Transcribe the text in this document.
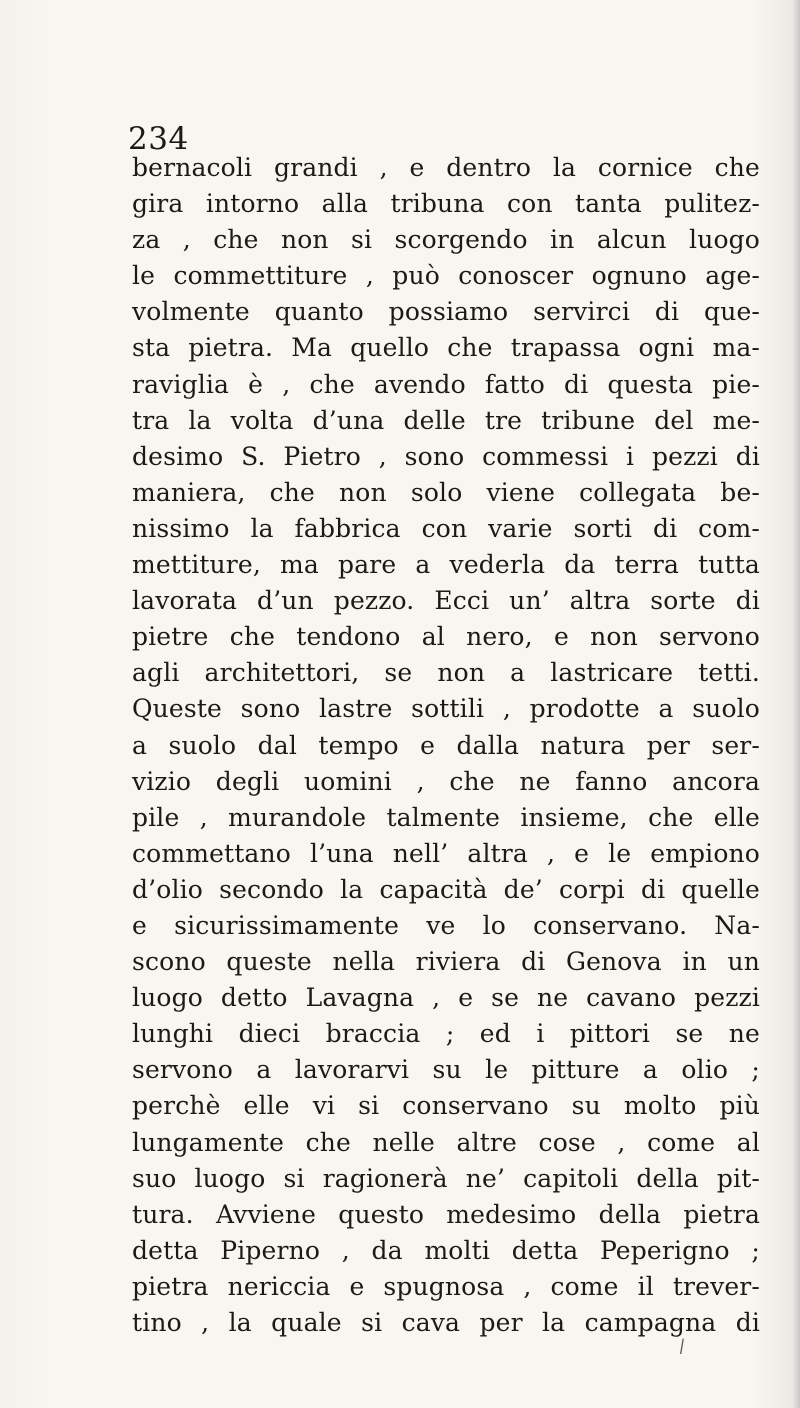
234
bernacoli grandi , e dentro la cornice che
gira intorno alla tribuna con tanta pulitez-
za , che non si scorgendo in alcun luogo
le commettiture , può conoscer ognuno age-
volmente quanto possiamo servirci di que-
sta pietra. Ma quello che trapassa ogni ma-
raviglia è , che avendo fatto di questa pie-
tra la volta d’una delle tre tribune del me-
desimo S. Pietro , sono commessi i pezzi di
maniera, che non solo viene collegata be-
nissimo la fabbrica con varie sorti di com-
mettiture, ma pare a vederla da terra tutta
lavorata d’un pezzo. Ecci un’ altra sorte di
pietre che tendono al nero, e non servono
agli architettori, se non a lastricare tetti.
Queste sono lastre sottili , prodotte a suolo
a suolo dal tempo e dalla natura per ser-
vizio degli uomini , che ne fanno ancora
pile , murandole talmente insieme, che elle
commettano l’una nell’ altra , e le empiono
d’olio secondo la capacità de’ corpi di quelle
e sicurissimamente ve lo conservano. Na-
scono queste nella riviera di Genova in un
luogo detto Lavagna , e se ne cavano pezzi
lunghi dieci braccia ; ed i pittori se ne
servono a lavorarvi su le pitture a olio ;
perchè elle vi si conservano su molto più
lungamente che nelle altre cose , come al
suo luogo si ragionerà ne’ capitoli della pit-
tura. Avviene questo medesimo della pietra
detta Piperno , da molti detta Peperigno ;
pietra nericcia e spugnosa , come il trever-
tino , la quale si cava per la campagna di
/
